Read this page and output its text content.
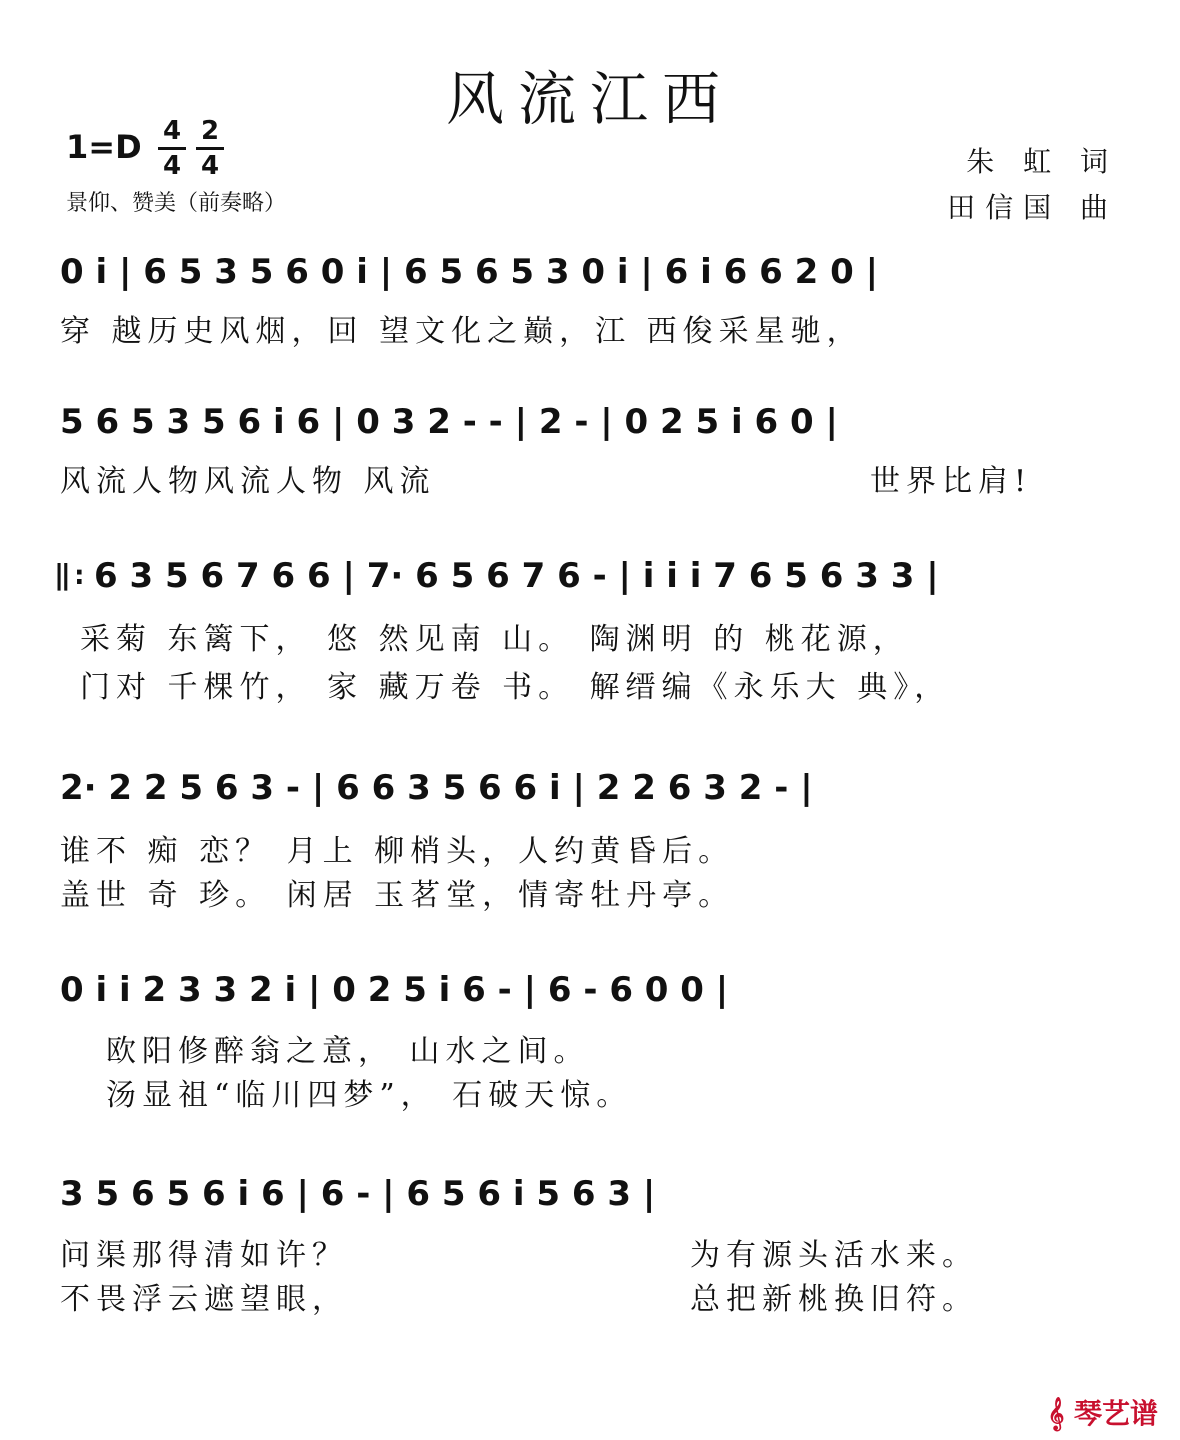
风流江西
1=D 4
4
2
4
景仰、赞美（前奏略）
朱 虹 词
田信国 曲
0 i | 6 5 3 5 6 0 i | 6 5 6 5 3 0 i | 6 i 6 6 2 0 |
穿 越历史风烟，回 望文化之巅，江 西俊采星驰，
5 6 5 3 5 6 i 6 | 0 3 2 - - | 2 - | 0 2 5 i 6 0 |
风流人物风流人物 风流	世界比肩!
‖: 6 3 5 6 7 6 6 | 7· 6 5 6 7 6 - | i i i 7 6 5 6 3 3 |
采菊 东篱下， 悠 然见南 山。 陶渊明 的 桃花源，
门对 千棵竹， 家 藏万卷 书。 解缙编《永乐大 典》，
2· 2 2 5 6 3 - | 6 6 3 5 6 6 i | 2 2 6 3 2 - |
谁不 痴 恋？ 月上 柳梢头，人约黄昏后。
盖世 奇 珍。 闲居 玉茗堂，情寄牡丹亭。
0 i i 2 3 3 2 i | 0 2 5 i 6 - | 6 - 6 0 0 |
欧阳修醉翁之意， 山水之间。
汤显祖“临川四梦”， 石破天惊。
3 5 6 5 6 i 6 | 6 - | 6 5 6 i 5 6 3 |
问渠那得清如许？	为有源头活水来。
不畏浮云遮望眼，	总把新桃换旧符。
𝄞 琴艺谱
